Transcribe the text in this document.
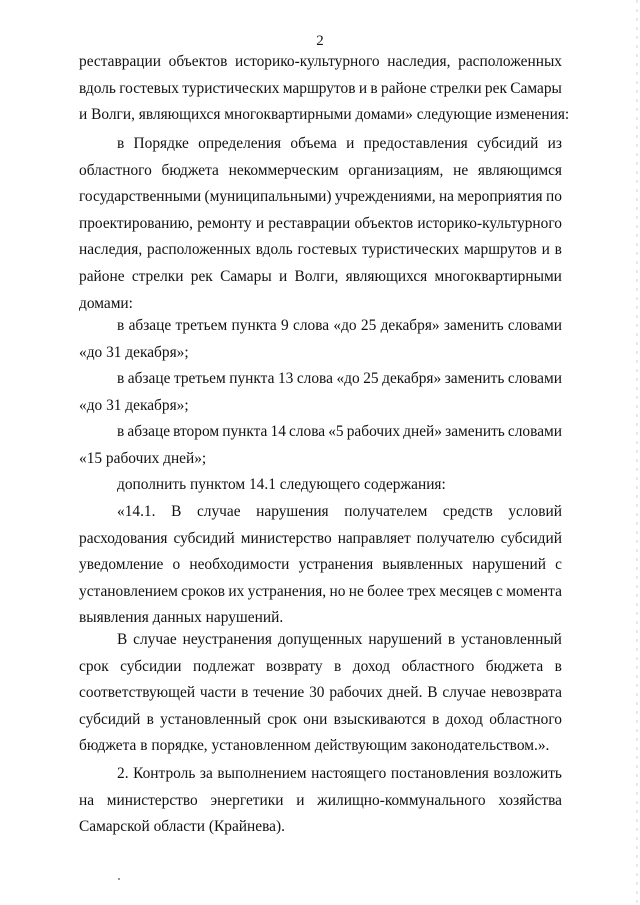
2
реставрации объектов историко-культурного наследия, расположенных
вдоль гостевых туристических маршрутов и в районе стрелки рек Самары
и Волги, являющихся многоквартирными домами» следующие изменения:
в Порядке определения объема и предоставления субсидий из
областного бюджета некоммерческим организациям, не являющимся
государственными (муниципальными) учреждениями, на мероприятия по
проектированию, ремонту и реставрации объектов историко-культурного
наследия, расположенных вдоль гостевых туристических маршрутов и в
районе стрелки рек Самары и Волги, являющихся многоквартирными
домами:
в абзаце третьем пункта 9 слова «до 25 декабря» заменить словами
«до 31 декабря»;
в абзаце третьем пункта 13 слова «до 25 декабря» заменить словами
«до 31 декабря»;
в абзаце втором пункта 14 слова «5 рабочих дней» заменить словами
«15 рабочих дней»;
дополнить пунктом 14.1 следующего содержания:
«14.1. В случае нарушения получателем средств условий
расходования субсидий министерство направляет получателю субсидий
уведомление о необходимости устранения выявленных нарушений с
установлением сроков их устранения, но не более трех месяцев с момента
выявления данных нарушений.
В случае неустранения допущенных нарушений в установленный
срок субсидии подлежат возврату в доход областного бюджета в
соответствующей части в течение 30 рабочих дней. В случае невозврата
субсидий в установленный срок они взыскиваются в доход областного
бюджета в порядке, установленном действующим законодательством.».
2. Контроль за выполнением настоящего постановления возложить
на министерство энергетики и жилищно-коммунального хозяйства
Самарской области (Крайнева).
